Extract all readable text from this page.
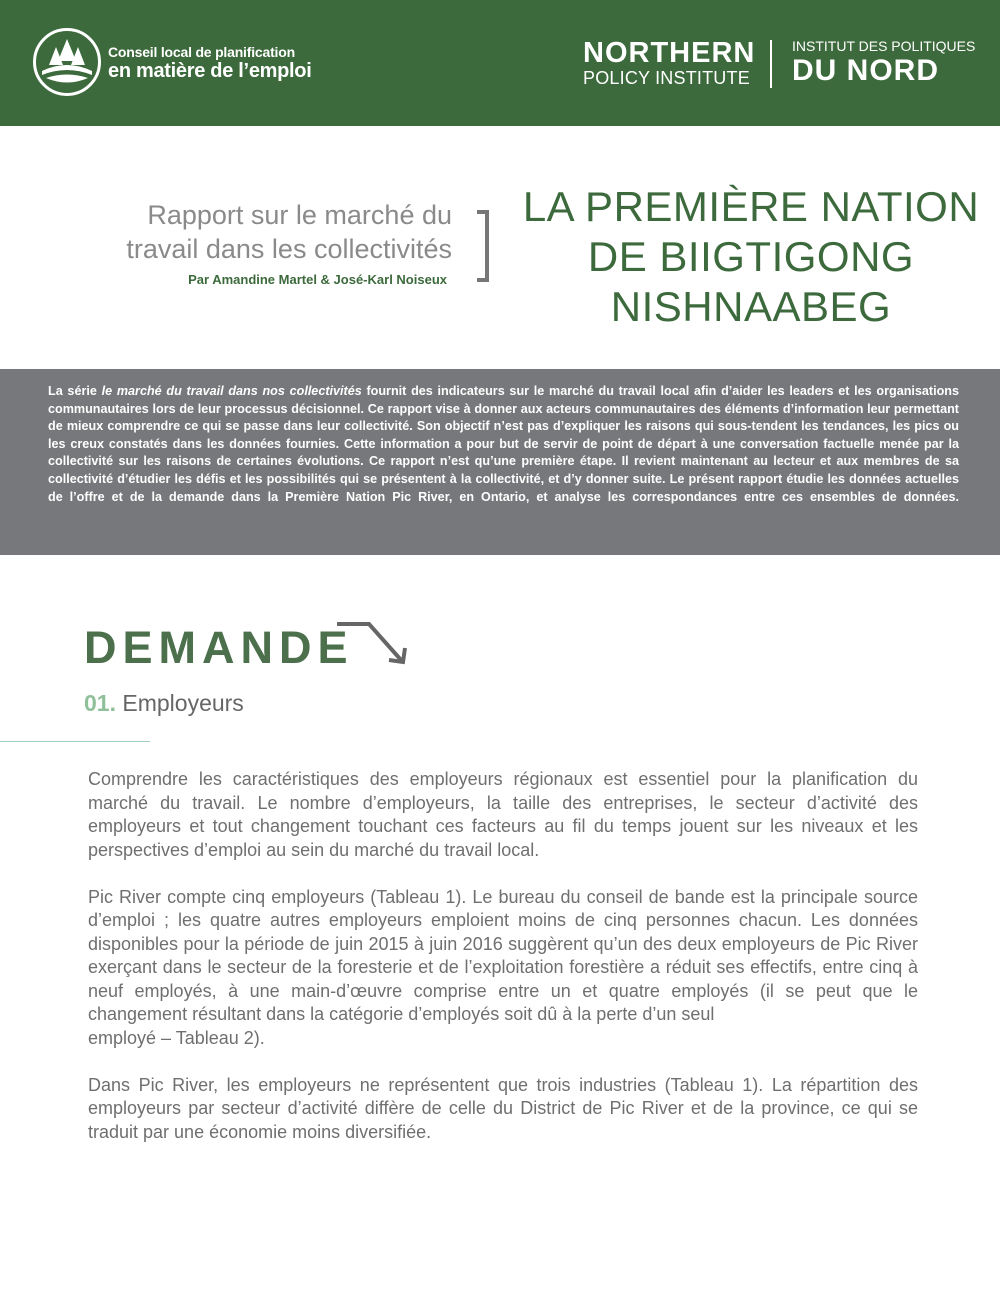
Conseil local de planification
en matière de l’emploi
NORTHERN
POLICY INSTITUTE
INSTITUT DES POLITIQUES
DU NORD
Rapport sur le marché du
travail dans les collectivités
Par Amandine Martel & José-Karl Noiseux
LA PREMIÈRE NATION
DE BIIGTIGONG
NISHNAABEG

La série le marché du travail dans nos collectivités fournit des indicateurs sur le marché du travail local afin d’aider les leaders et les organisations communautaires lors de leur processus décisionnel. Ce rapport vise à donner aux acteurs communautaires des éléments d’information leur permettant de mieux comprendre ce qui se passe dans leur collectivité. Son objectif n’est pas d’expliquer les raisons qui sous-tendent les tendances, les pics ou les creux constatés dans les données fournies. Cette information a pour but de servir de point de départ à une conversation factuelle menée par la collectivité sur les raisons de certaines évolutions. Ce rapport n’est qu’une première étape. Il revient maintenant au lecteur et aux membres de sa collectivité d’étudier les défis et les possibilités qui se présentent à la collectivité, et d’y donner suite. Le présent rapport étudie les données actuelles de l’offre et de la demande dans la Première Nation Pic River, en Ontario, et analyse les correspondances entre ces ensembles de données.

DEMANDE
01. Employeurs

Comprendre les caractéristiques des employeurs régionaux est essentiel pour la planification du marché du travail. Le nombre d’employeurs, la taille des entreprises, le secteur d’activité des employeurs et tout changement touchant ces facteurs au fil du temps jouent sur les niveaux et les perspectives d’emploi au sein du marché du travail local.

Pic River compte cinq employeurs (Tableau 1). Le bureau du conseil de bande est la principale source d’emploi ; les quatre autres employeurs emploient moins de cinq personnes chacun. Les données disponibles pour la période de juin 2015 à juin 2016 suggèrent qu’un des deux employeurs de Pic River exerçant dans le secteur de la foresterie et de l’exploitation forestière a réduit ses effectifs, entre cinq à neuf employés, à une main-d’œuvre comprise entre un et quatre employés (il se peut que le changement résultant dans la catégorie d’employés soit dû à la perte d’un seul
employé – Tableau 2).

Dans Pic River, les employeurs ne représentent que trois industries (Tableau 1). La répartition des employeurs par secteur d’activité diffère de celle du District de Pic River et de la province, ce qui se traduit par une économie moins diversifiée.
